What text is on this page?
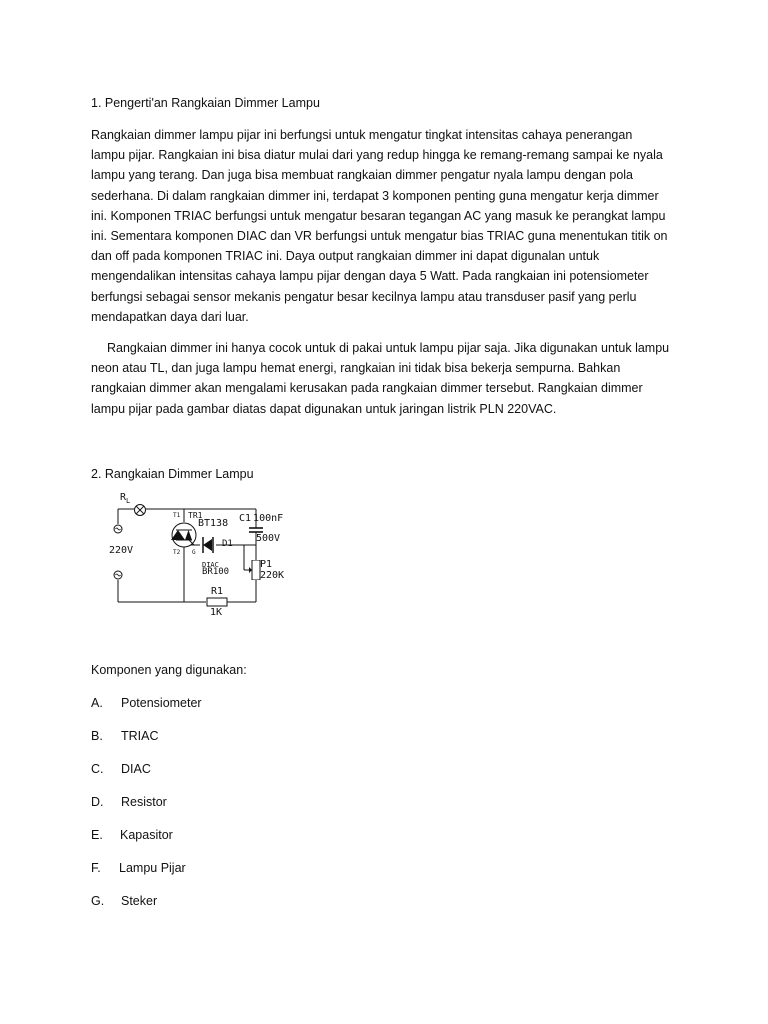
1. Pengerti'an Rangkaian Dimmer Lampu
Rangkaian dimmer lampu pijar ini berfungsi untuk mengatur tingkat intensitas cahaya penerangan
lampu pijar. Rangkaian ini bisa diatur mulai dari yang redup hingga ke remang-remang sampai ke nyala
lampu yang terang. Dan juga bisa membuat rangkaian dimmer pengatur nyala lampu dengan pola
sederhana. Di dalam rangkaian dimmer ini, terdapat 3 komponen penting guna mengatur kerja dimmer
ini. Komponen TRIAC berfungsi untuk mengatur besaran tegangan AC yang masuk ke perangkat lampu
ini. Sementara komponen DIAC dan VR berfungsi untuk mengatur bias TRIAC guna menentukan titik on
dan off pada komponen TRIAC ini. Daya output rangkaian dimmer ini dapat digunalan untuk
mengendalikan intensitas cahaya lampu pijar dengan daya 5 Watt. Pada rangkaian ini potensiometer
berfungsi sebagai sensor mekanis pengatur besar kecilnya lampu atau transduser pasif yang perlu
mendapatkan daya dari luar.
Rangkaian dimmer ini hanya cocok untuk di pakai untuk lampu pijar saja. Jika digunakan untuk lampu
neon atau TL, dan juga lampu hemat energi, rangkaian ini tidak bisa bekerja sempurna. Bahkan
rangkaian dimmer akan mengalami kerusakan pada rangkaian dimmer tersebut. Rangkaian dimmer
lampu pijar pada gambar diatas dapat digunakan untuk jaringan listrik PLN 220VAC.
2. Rangkaian Dimmer Lampu
$R_L$
T1 TR1
BT138
T2 G
220V
C1 100nF
500V
D1
DIAC
BR100
P1
220K
R1
1K
Komponen yang digunakan:
A. Potensiometer
B. TRIAC
C. DIAC
D. Resistor
E. Kapasitor
F. Lampu Pijar
G. Steker
